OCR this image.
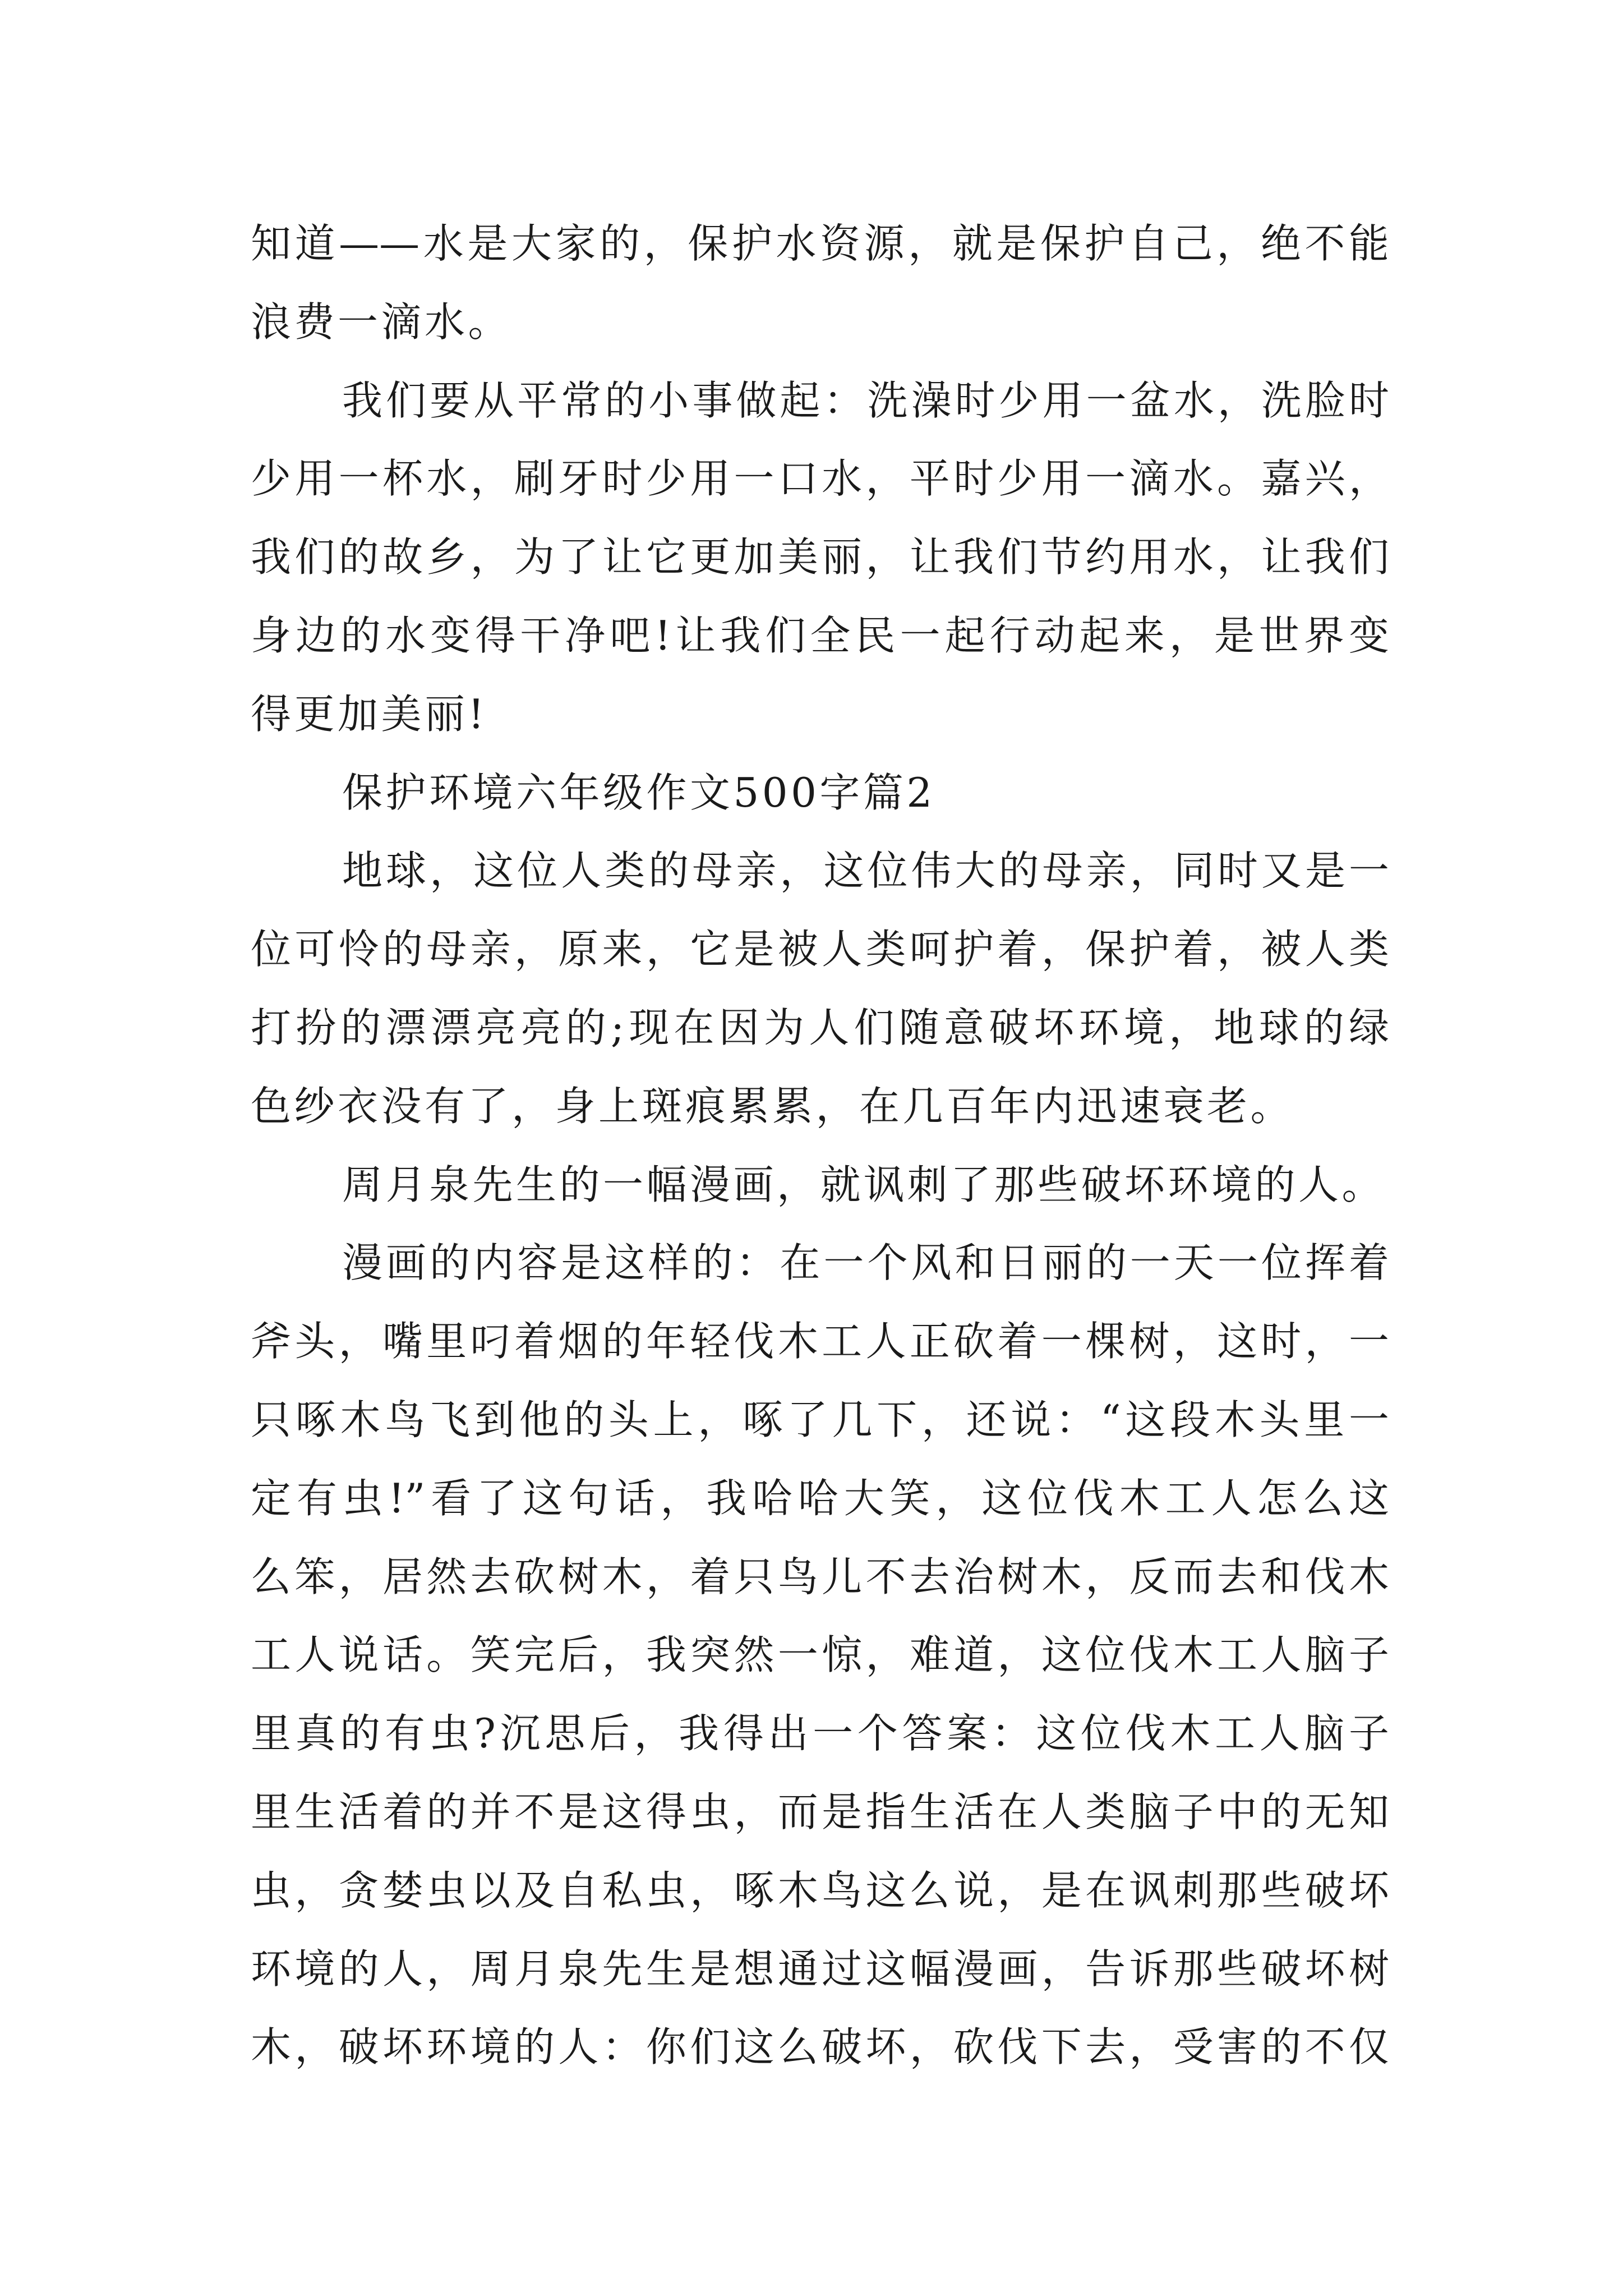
知道——水是大家的，保护水资源，就是保护自己，绝不能
浪费一滴水。
我们要从平常的小事做起：洗澡时少用一盆水，洗脸时
少用一杯水，刷牙时少用一口水，平时少用一滴水。嘉兴，
我们的故乡，为了让它更加美丽，让我们节约用水，让我们
身边的水变得干净吧!让我们全民一起行动起来，是世界变
得更加美丽!
保护环境六年级作文500字篇2
地球，这位人类的母亲，这位伟大的母亲，同时又是一
位可怜的母亲，原来，它是被人类呵护着，保护着，被人类
打扮的漂漂亮亮的;现在因为人们随意破坏环境，地球的绿
色纱衣没有了，身上斑痕累累，在几百年内迅速衰老。
周月泉先生的一幅漫画，就讽刺了那些破坏环境的人。
漫画的内容是这样的：在一个风和日丽的一天一位挥着
斧头，嘴里叼着烟的年轻伐木工人正砍着一棵树，这时，一
只啄木鸟飞到他的头上，啄了几下，还说：“这段木头里一
定有虫!”看了这句话，我哈哈大笑，这位伐木工人怎么这
么笨，居然去砍树木，着只鸟儿不去治树木，反而去和伐木
工人说话。笑完后，我突然一惊，难道，这位伐木工人脑子
里真的有虫?沉思后，我得出一个答案：这位伐木工人脑子
里生活着的并不是这得虫，而是指生活在人类脑子中的无知
虫，贪婪虫以及自私虫，啄木鸟这么说，是在讽刺那些破坏
环境的人，周月泉先生是想通过这幅漫画，告诉那些破坏树
木，破坏环境的人：你们这么破坏，砍伐下去，受害的不仅
